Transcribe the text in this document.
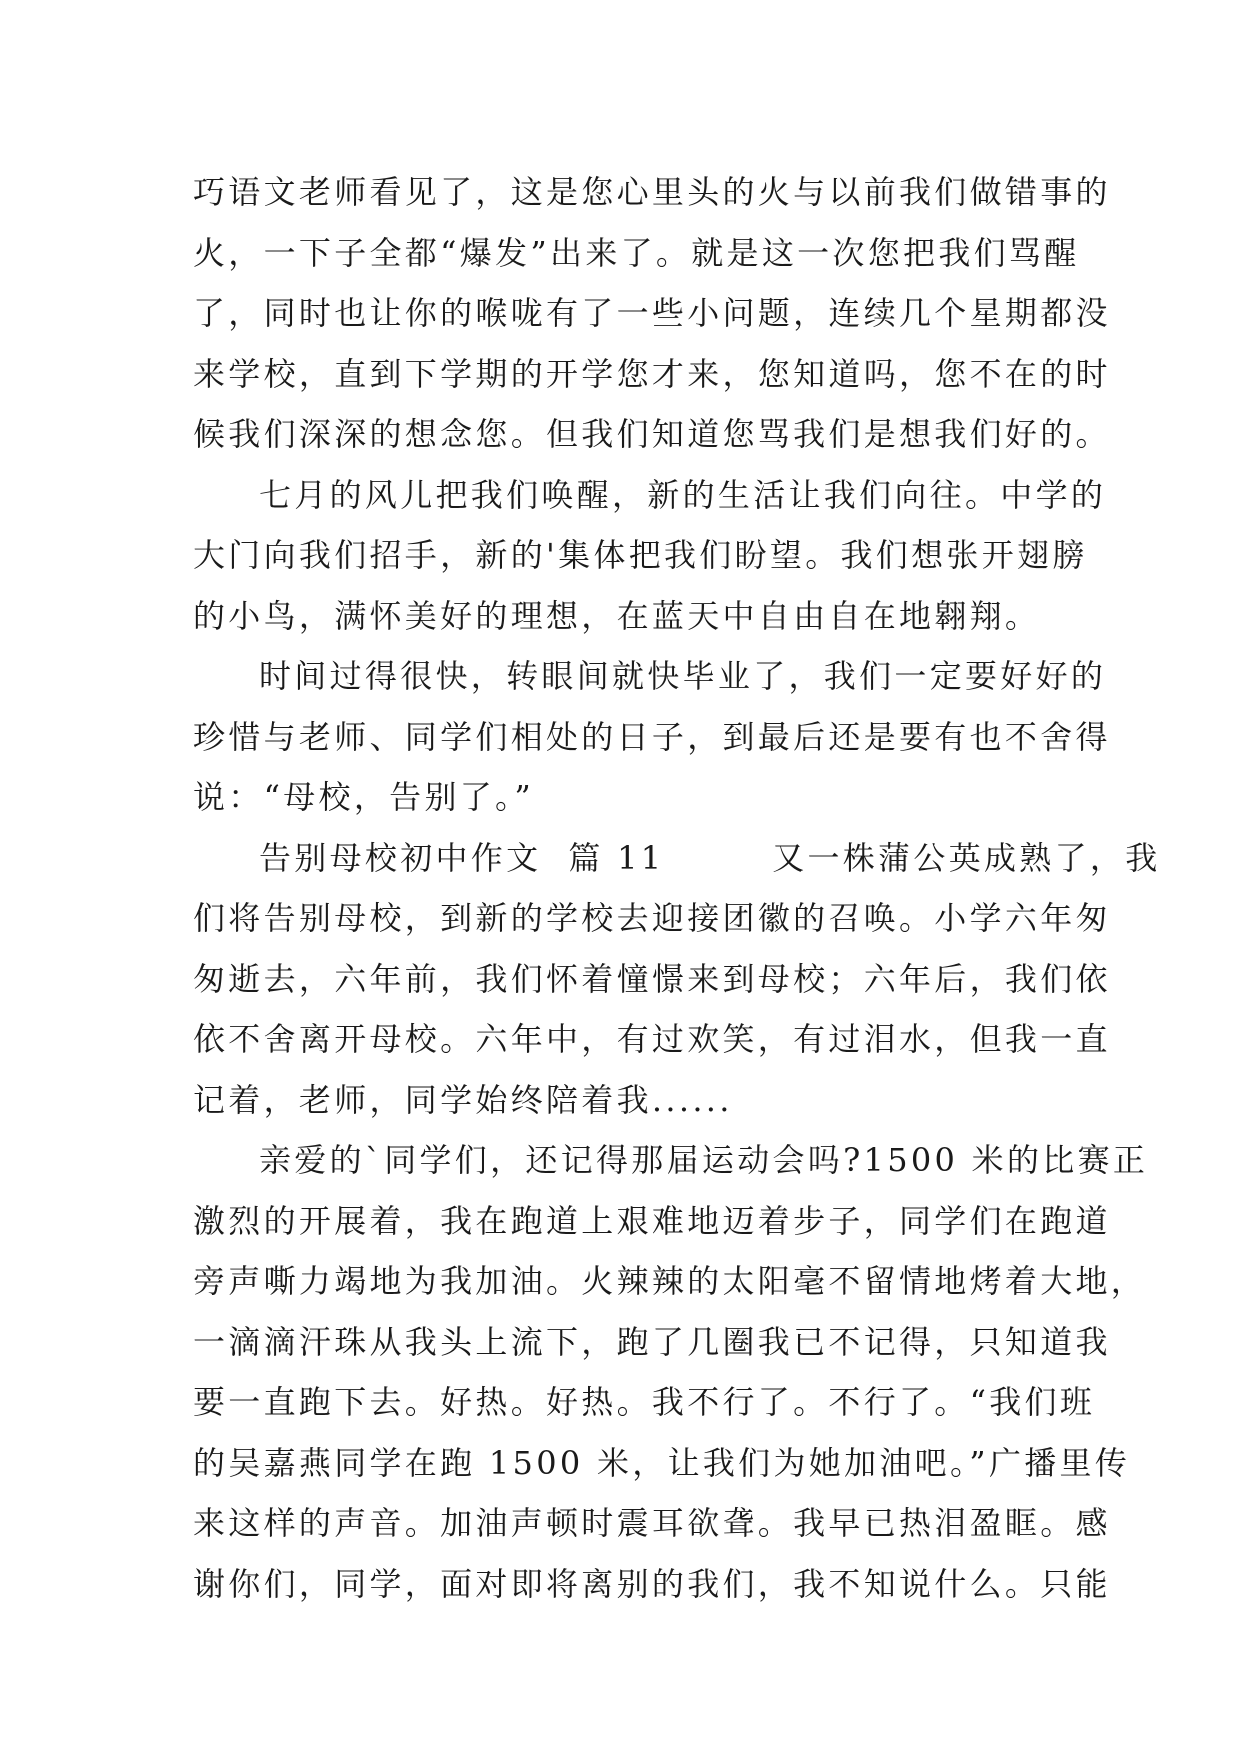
巧语文老师看见了，这是您心里头的火与以前我们做错事的
火，一下子全都“爆发”出来了。就是这一次您把我们骂醒
了，同时也让你的喉咙有了一些小问题，连续几个星期都没
来学校，直到下学期的开学您才来，您知道吗，您不在的时
候我们深深的想念您。但我们知道您骂我们是想我们好的。
七月的风儿把我们唤醒，新的生活让我们向往。中学的
大门向我们招手，新的'集体把我们盼望。我们想张开翅膀
的小鸟，满怀美好的理想，在蓝天中自由自在地翱翔。
时间过得很快，转眼间就快毕业了，我们一定要好好的
珍惜与老师、同学们相处的日子，到最后还是要有也不舍得
说：“母校，告别了。”
告别母校初中作文  篇 11        又一株蒲公英成熟了，我
们将告别母校，到新的学校去迎接团徽的召唤。小学六年匆
匆逝去，六年前，我们怀着憧憬来到母校；六年后，我们依
依不舍离开母校。六年中，有过欢笑，有过泪水，但我一直
记着，老师，同学始终陪着我......
亲爱的`同学们，还记得那届运动会吗?1500 米的比赛正
激烈的开展着，我在跑道上艰难地迈着步子，同学们在跑道
旁声嘶力竭地为我加油。火辣辣的太阳毫不留情地烤着大地，
一滴滴汗珠从我头上流下，跑了几圈我已不记得，只知道我
要一直跑下去。好热。好热。我不行了。不行了。“我们班
的吴嘉燕同学在跑 1500 米，让我们为她加油吧。”广播里传
来这样的声音。加油声顿时震耳欲聋。我早已热泪盈眶。感
谢你们，同学，面对即将离别的我们，我不知说什么。只能
